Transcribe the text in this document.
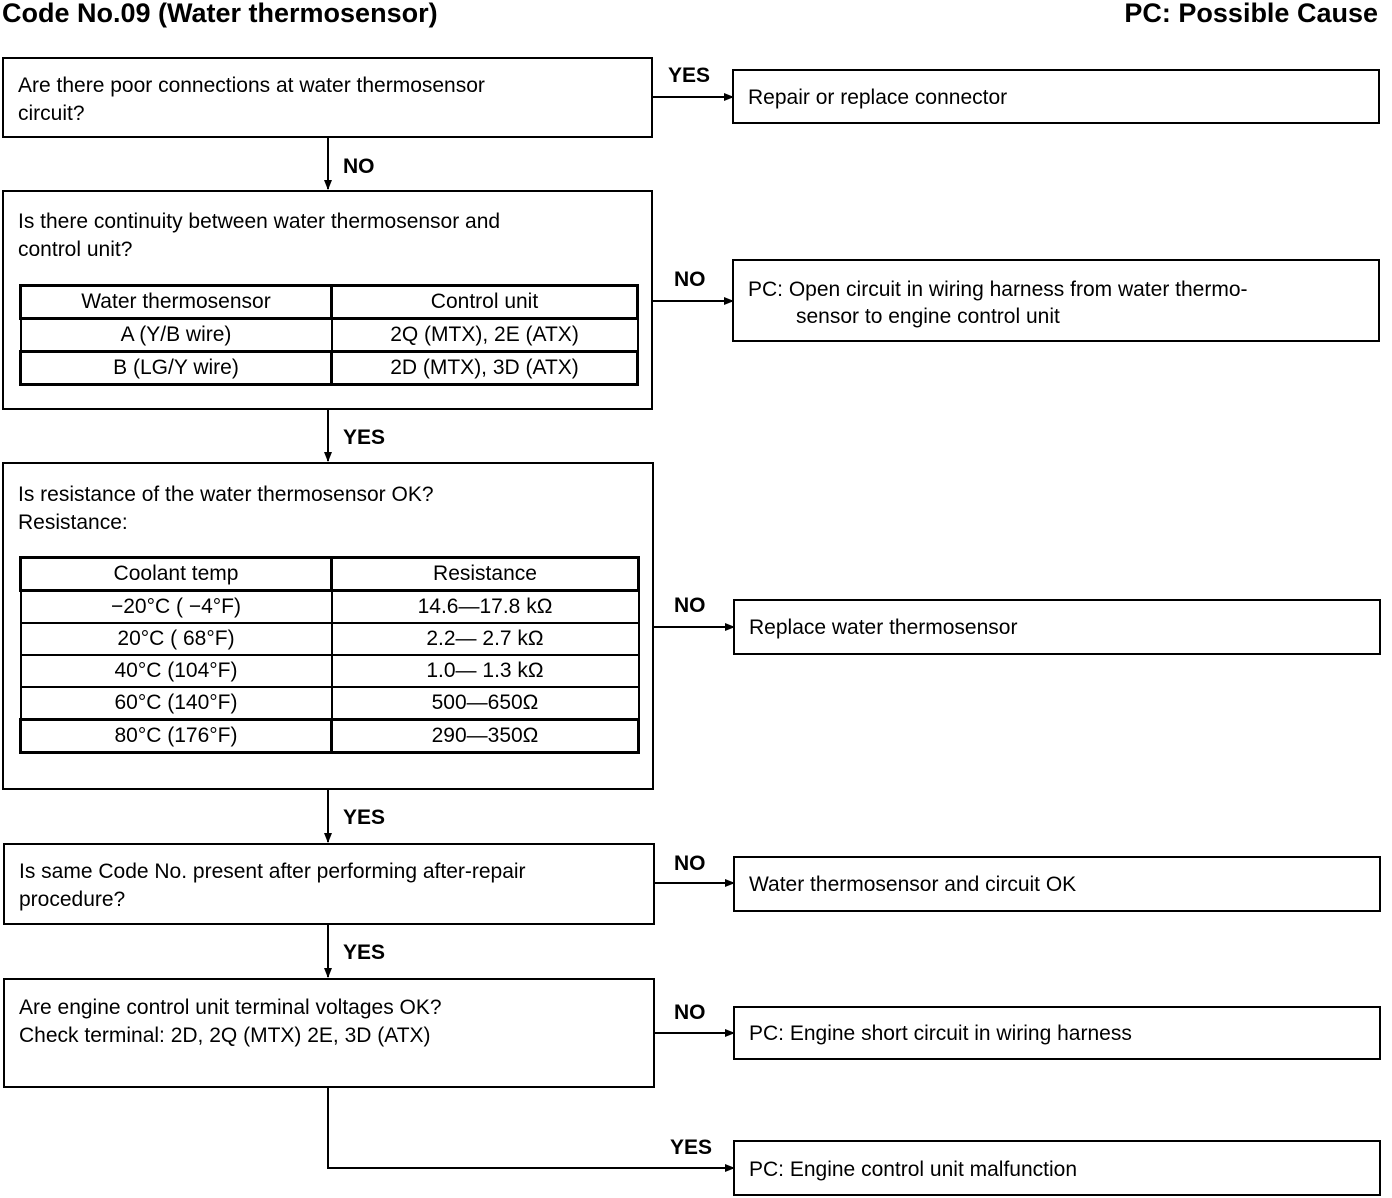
Code No.09 (Water thermosensor)	PC: Possible Cause
YES
NO
NO
NO
NO
YES
NO
YES
YES
YES
Are there poor connections at water thermosensor
circuit?
Is there continuity between water thermosensor and
control unit?
Water thermosensor	Control unit
A (Y/B wire)	2Q (MTX), 2E (ATX)
B (LG/Y wire)	2D (MTX), 3D (ATX)
Is resistance of the water thermosensor OK?
Resistance:
Coolant temp	Resistance
−20°C ( −4°F)	14.6—17.8 kΩ
20°C ( 68°F)	2.2— 2.7 kΩ
40°C (104°F)	1.0— 1.3 kΩ
60°C (140°F)	500—650Ω
80°C (176°F)	290—350Ω
Is same Code No. present after performing after-repair
procedure?
Are engine control unit terminal voltages OK?
Check terminal: 2D, 2Q (MTX) 2E, 3D (ATX)
Repair or replace connector
PC: Open circuit in wiring harness from water thermo-
sensor to engine control unit
Replace water thermosensor
Water thermosensor and circuit OK
PC: Engine short circuit in wiring harness
PC: Engine control unit malfunction
